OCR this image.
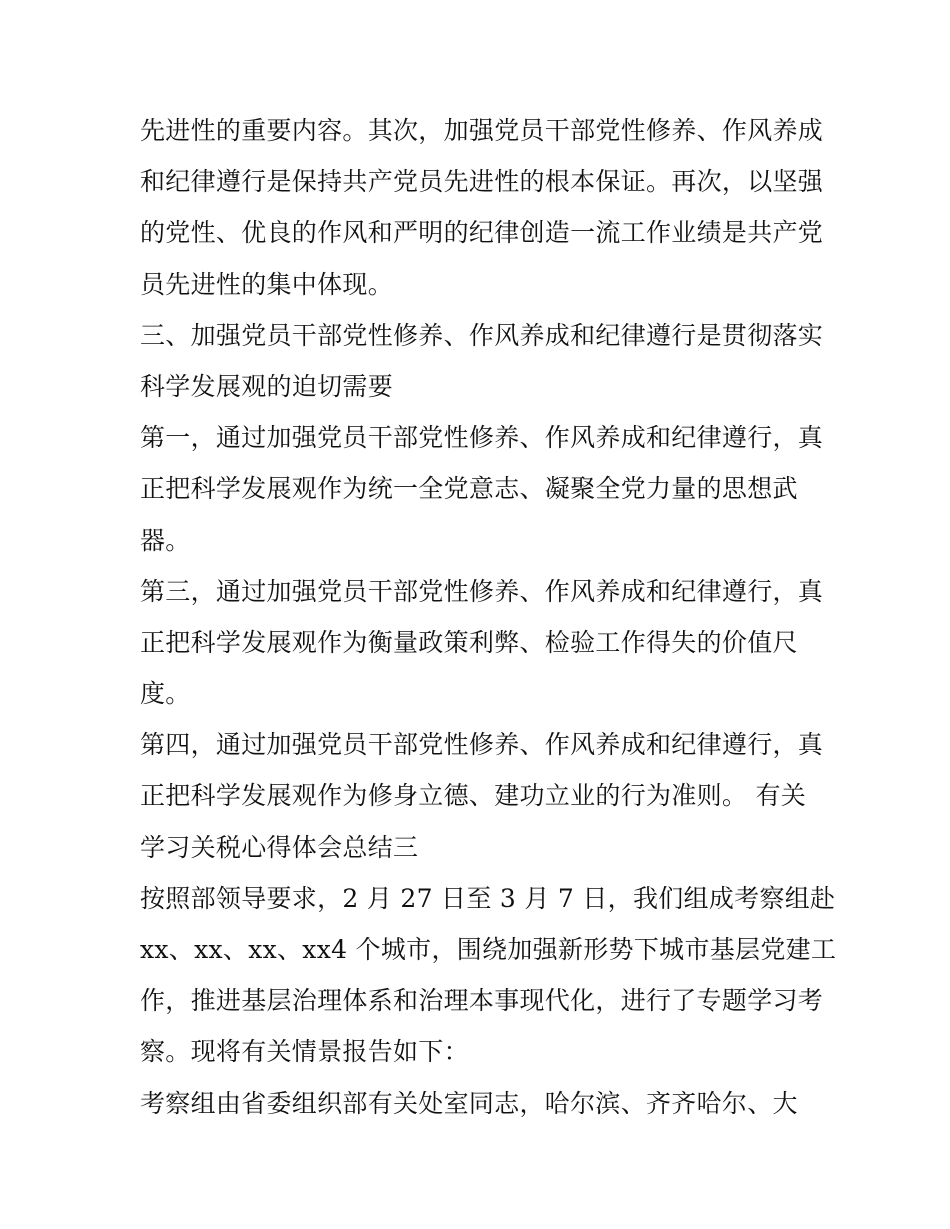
先进性的重要内容。其次，加强党员干部党性修养、作风养成
和纪律遵行是保持共产党员先进性的根本保证。再次，以坚强
的党性、优良的作风和严明的纪律创造一流工作业绩是共产党
员先进性的集中体现。
三、加强党员干部党性修养、作风养成和纪律遵行是贯彻落实
科学发展观的迫切需要
第一，通过加强党员干部党性修养、作风养成和纪律遵行，真
正把科学发展观作为统一全党意志、凝聚全党力量的思想武
器。
第三，通过加强党员干部党性修养、作风养成和纪律遵行，真
正把科学发展观作为衡量政策利弊、检验工作得失的价值尺
度。
第四，通过加强党员干部党性修养、作风养成和纪律遵行，真
正把科学发展观作为修身立德、建功立业的行为准则。 有关
学习关税心得体会总结三
按照部领导要求，2 月 27 日至 3 月 7 日，我们组成考察组赴
xx、xx、xx、xx4 个城市，围绕加强新形势下城市基层党建工
作，推进基层治理体系和治理本事现代化，进行了专题学习考
察。现将有关情景报告如下：
考察组由省委组织部有关处室同志，哈尔滨、齐齐哈尔、大
